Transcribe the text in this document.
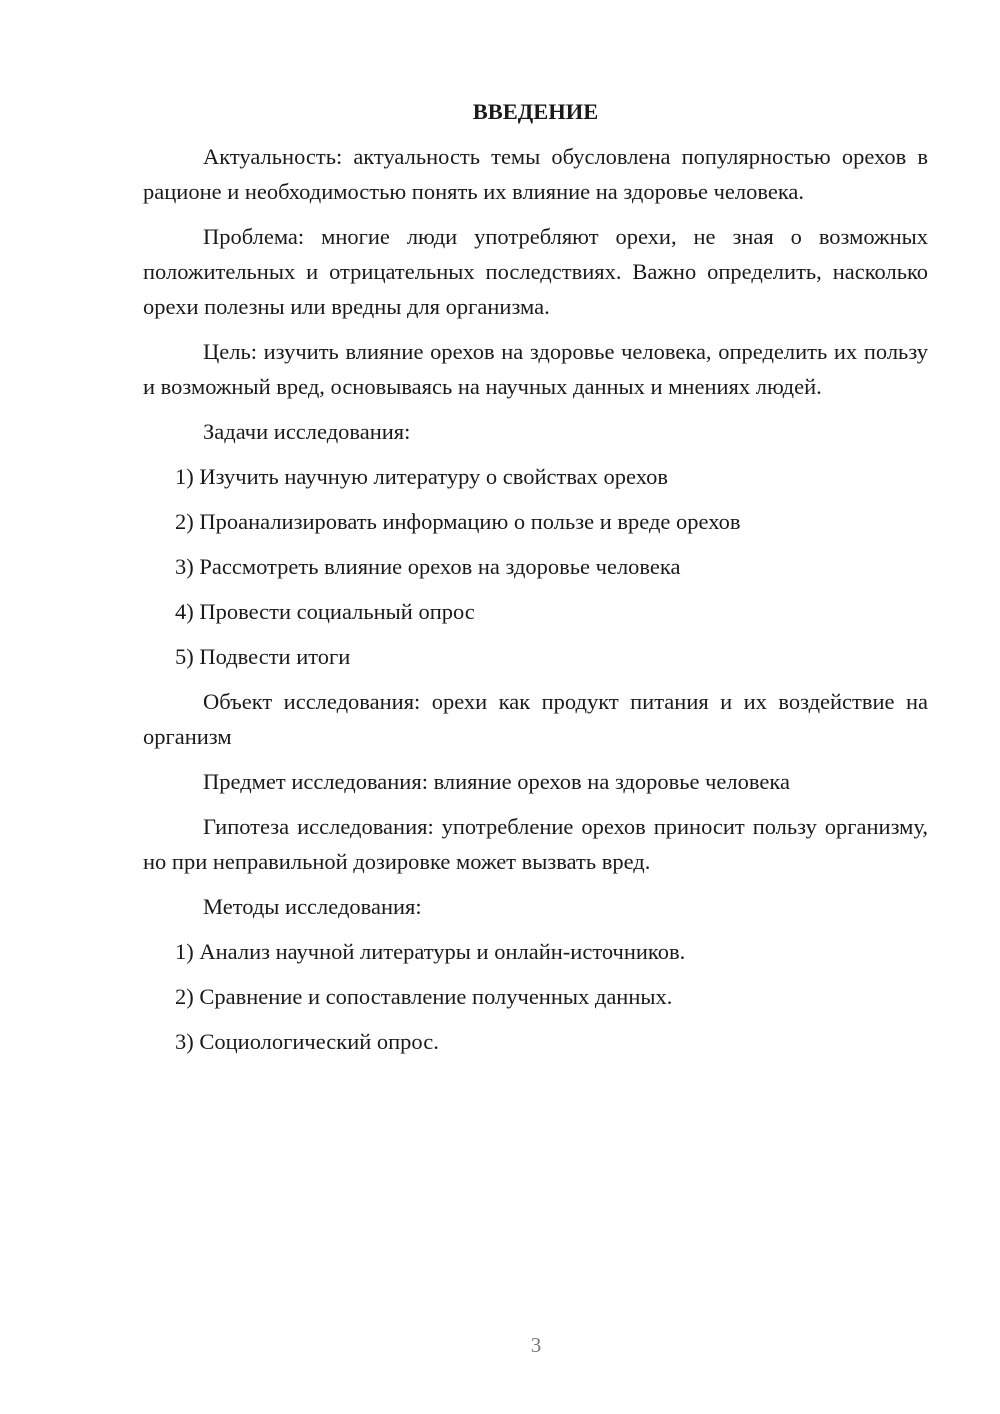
ВВЕДЕНИЕ
Актуальность: актуальность темы обусловлена популярностью орехов в рационе и необходимостью понять их влияние на здоровье человека.
Проблема: многие люди употребляют орехи, не зная о возможных положительных и отрицательных последствиях. Важно определить, насколько орехи полезны или вредны для организма.
Цель: изучить влияние орехов на здоровье человека, определить их пользу и возможный вред, основываясь на научных данных и мнениях людей.
Задачи исследования:
1) Изучить научную литературу о свойствах орехов
2) Проанализировать информацию о пользе и вреде орехов
3) Рассмотреть влияние орехов на здоровье человека
4) Провести социальный опрос
5) Подвести итоги
Объект исследования: орехи как продукт питания и их воздействие на организм
Предмет исследования: влияние орехов на здоровье человека
Гипотеза исследования: употребление орехов приносит пользу организму, но при неправильной дозировке может вызвать вред.
Методы исследования:
1) Анализ научной литературы и онлайн-источников.
2) Сравнение и сопоставление полученных данных.
3) Социологический опрос.
3
